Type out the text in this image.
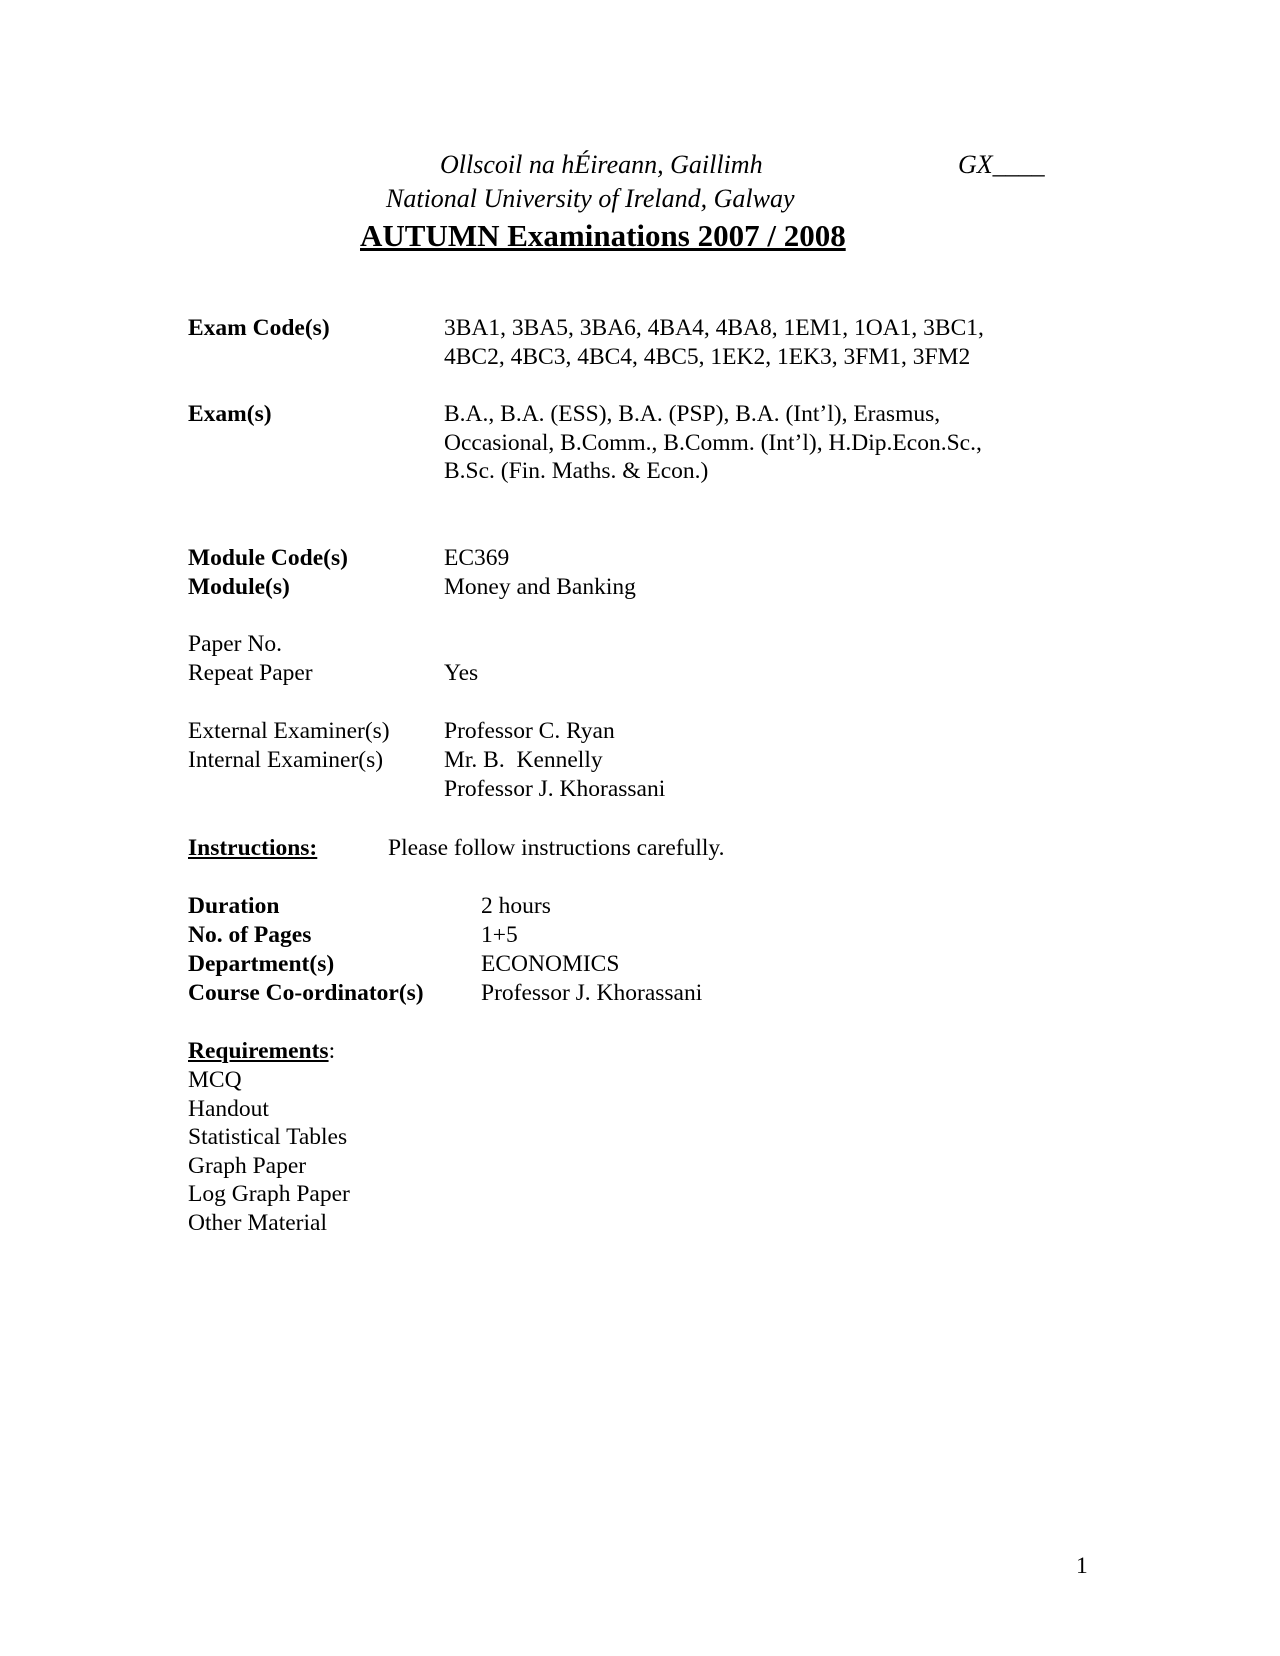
Ollscoil na hÉireann, Gaillimh	GX____
National University of Ireland, Galway
AUTUMN Examinations 2007 / 2008
Exam Code(s)	3BA1, 3BA5, 3BA6, 4BA4, 4BA8, 1EM1, 1OA1, 3BC1,
4BC2, 4BC3, 4BC4, 4BC5, 1EK2, 1EK3, 3FM1, 3FM2
Exam(s)	B.A., B.A. (ESS), B.A. (PSP), B.A. (Int’l), Erasmus,
Occasional, B.Comm., B.Comm. (Int’l), H.Dip.Econ.Sc.,
B.Sc. (Fin. Maths. & Econ.)
Module Code(s)	EC369
Module(s)	Money and Banking
Paper No.
Repeat Paper	Yes
External Examiner(s) Professor C. Ryan
Internal Examiner(s)	Mr. B.  Kennelly
Professor J. Khorassani
Instructions:	Please follow instructions carefully.
Duration	2 hours
No. of Pages	1+5
Department(s)	ECONOMICS
Course Co-ordinator(s) Professor J. Khorassani
Requirements:
MCQ
Handout
Statistical Tables
Graph Paper
Log Graph Paper
Other Material
1
